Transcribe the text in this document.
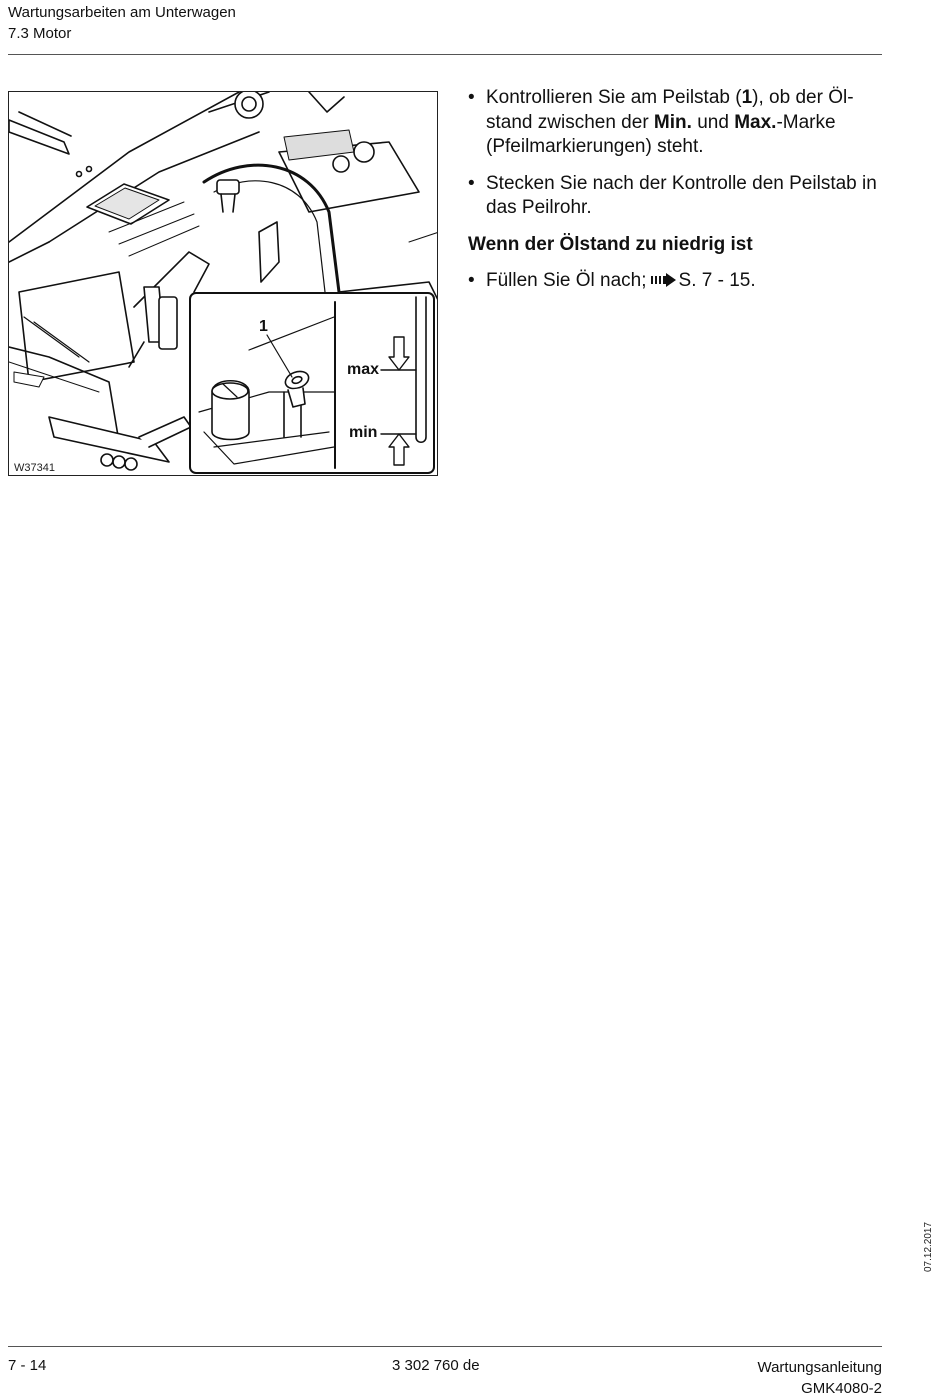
Wartungsarbeiten am Unterwagen
7.3 Motor
1
max
min
W37341
• Kontrollieren Sie am Peilstab (1), ob der Öl-stand zwischen der Min. und Max.-Marke (Pfeilmarkierungen) steht.
• Stecken Sie nach der Kontrolle den Peilstab in das Peilrohr.
Wenn der Ölstand zu niedrig ist
• Füllen Sie Öl nach; S. 7 - 15.
07.12.2017
7 - 14	3 302 760 de	Wartungsanleitung
GMK4080-2
